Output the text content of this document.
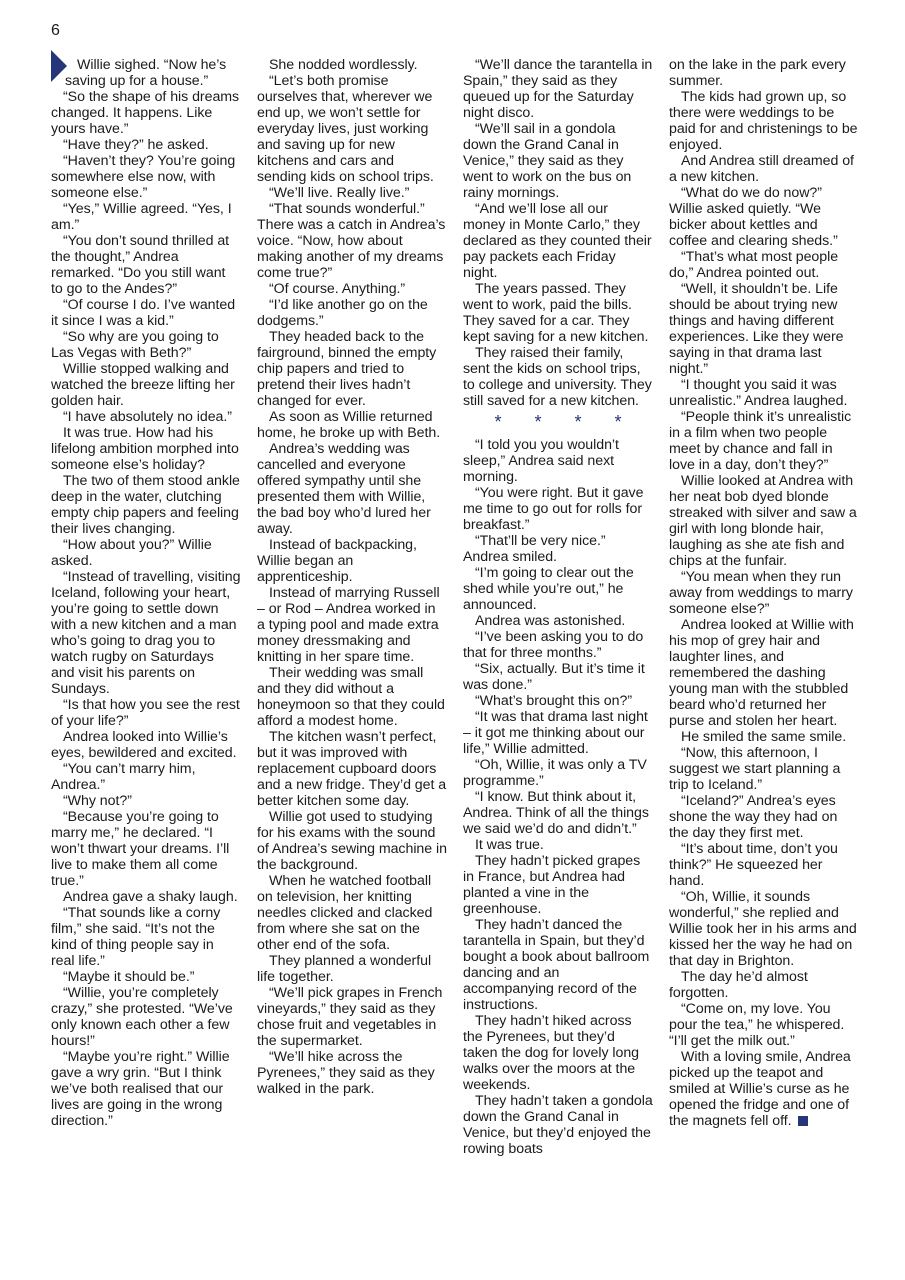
6

Willie sighed. “Now he’s saving up for a house.”

“So the shape of his dreams changed. It happens. Like yours have.”

“Have they?” he asked.

“Haven’t they? You’re going somewhere else now, with someone else.”

“Yes,” Willie agreed. “Yes, I am.”

“You don’t sound thrilled at the thought,” Andrea remarked. “Do you still want to go to the Andes?”

“Of course I do. I’ve wanted it since I was a kid.”

“So why are you going to Las Vegas with Beth?”

Willie stopped walking and watched the breeze lifting her golden hair.

“I have absolutely no idea.”

It was true. How had his lifelong ambition morphed into someone else’s holiday?

The two of them stood ankle deep in the water, clutching empty chip papers and feeling their lives changing.

“How about you?” Willie asked.

“Instead of travelling, visiting Iceland, following your heart, you’re going to settle down with a new kitchen and a man who’s going to drag you to watch rugby on Saturdays and visit his parents on Sundays.

“Is that how you see the rest of your life?”

Andrea looked into Willie’s eyes, bewildered and excited.

“You can’t marry him, Andrea.”

“Why not?”

“Because you’re going to marry me,” he declared. “I won’t thwart your dreams. I’ll live to make them all come true.”

Andrea gave a shaky laugh.

“That sounds like a corny film,” she said. “It’s not the kind of thing people say in real life.”

“Maybe it should be.”

“Willie, you’re completely crazy,” she protested. “We’ve only known each other a few hours!”

“Maybe you’re right.” Willie gave a wry grin. “But I think we’ve both realised that our lives are going in the wrong direction.”

She nodded wordlessly.

“Let’s both promise ourselves that, wherever we end up, we won’t settle for everyday lives, just working and saving up for new kitchens and cars and sending kids on school trips.

“We’ll live. Really live.”

“That sounds wonderful.” There was a catch in Andrea’s voice. “Now, how about making another of my dreams come true?”

“Of course. Anything.”

“I’d like another go on the dodgems.”

They headed back to the fairground, binned the empty chip papers and tried to pretend their lives hadn’t changed for ever.

As soon as Willie returned home, he broke up with Beth.

Andrea’s wedding was cancelled and everyone offered sympathy until she presented them with Willie, the bad boy who’d lured her away.

Instead of backpacking, Willie began an apprenticeship.

Instead of marrying Russell – or Rod – Andrea worked in a typing pool and made extra money dressmaking and knitting in her spare time.

Their wedding was small and they did without a honeymoon so that they could afford a modest home.

The kitchen wasn’t perfect, but it was improved with replacement cupboard doors and a new fridge. They’d get a better kitchen some day.

Willie got used to studying for his exams with the sound of Andrea’s sewing machine in the background.

When he watched football on television, her knitting needles clicked and clacked from where she sat on the other end of the sofa.

They planned a wonderful life together.

“We’ll pick grapes in French vineyards,” they said as they chose fruit and vegetables in the supermarket.

“We’ll hike across the Pyrenees,” they said as they walked in the park.

“We’ll dance the tarantella in Spain,” they said as they queued up for the Saturday night disco.

“We’ll sail in a gondola down the Grand Canal in Venice,” they said as they went to work on the bus on rainy mornings.

“And we’ll lose all our money in Monte Carlo,” they declared as they counted their pay packets each Friday night.

The years passed. They went to work, paid the bills. They saved for a car. They kept saving for a new kitchen.

They raised their family, sent the kids on school trips, to college and university. They still saved for a new kitchen.

* * * *

“I told you you wouldn’t sleep,” Andrea said next morning.

“You were right. But it gave me time to go out for rolls for breakfast.”

“That’ll be very nice.” Andrea smiled.

“I’m going to clear out the shed while you’re out,” he announced.

Andrea was astonished.

“I’ve been asking you to do that for three months.”

“Six, actually. But it’s time it was done.”

“What’s brought this on?”

“It was that drama last night – it got me thinking about our life,” Willie admitted.

“Oh, Willie, it was only a TV programme.”

“I know. But think about it, Andrea. Think of all the things we said we’d do and didn’t.”

It was true.

They hadn’t picked grapes in France, but Andrea had planted a vine in the greenhouse.

They hadn’t danced the tarantella in Spain, but they’d bought a book about ballroom dancing and an accompanying record of the instructions.

They hadn’t hiked across the Pyrenees, but they’d taken the dog for lovely long walks over the moors at the weekends.

They hadn’t taken a gondola down the Grand Canal in Venice, but they’d enjoyed the rowing boats

on the lake in the park every summer.

The kids had grown up, so there were weddings to be paid for and christenings to be enjoyed.

And Andrea still dreamed of a new kitchen.

“What do we do now?” Willie asked quietly. “We bicker about kettles and coffee and clearing sheds.”

“That’s what most people do,” Andrea pointed out.

“Well, it shouldn’t be. Life should be about trying new things and having different experiences. Like they were saying in that drama last night.”

“I thought you said it was unrealistic.” Andrea laughed.

“People think it’s unrealistic in a film when two people meet by chance and fall in love in a day, don’t they?”

Willie looked at Andrea with her neat bob dyed blonde streaked with silver and saw a girl with long blonde hair, laughing as she ate fish and chips at the funfair.

“You mean when they run away from weddings to marry someone else?”

Andrea looked at Willie with his mop of grey hair and laughter lines, and remembered the dashing young man with the stubbled beard who’d returned her purse and stolen her heart.

He smiled the same smile.

“Now, this afternoon, I suggest we start planning a trip to Iceland.”

“Iceland?” Andrea’s eyes shone the way they had on the day they first met.

“It’s about time, don’t you think?” He squeezed her hand.

“Oh, Willie, it sounds wonderful,” she replied and Willie took her in his arms and kissed her the way he had on that day in Brighton.

The day he’d almost forgotten.

“Come on, my love. You pour the tea,” he whispered. “I’ll get the milk out.”

With a loving smile, Andrea picked up the teapot and smiled at Willie’s curse as he opened the fridge and one of the magnets fell off.
